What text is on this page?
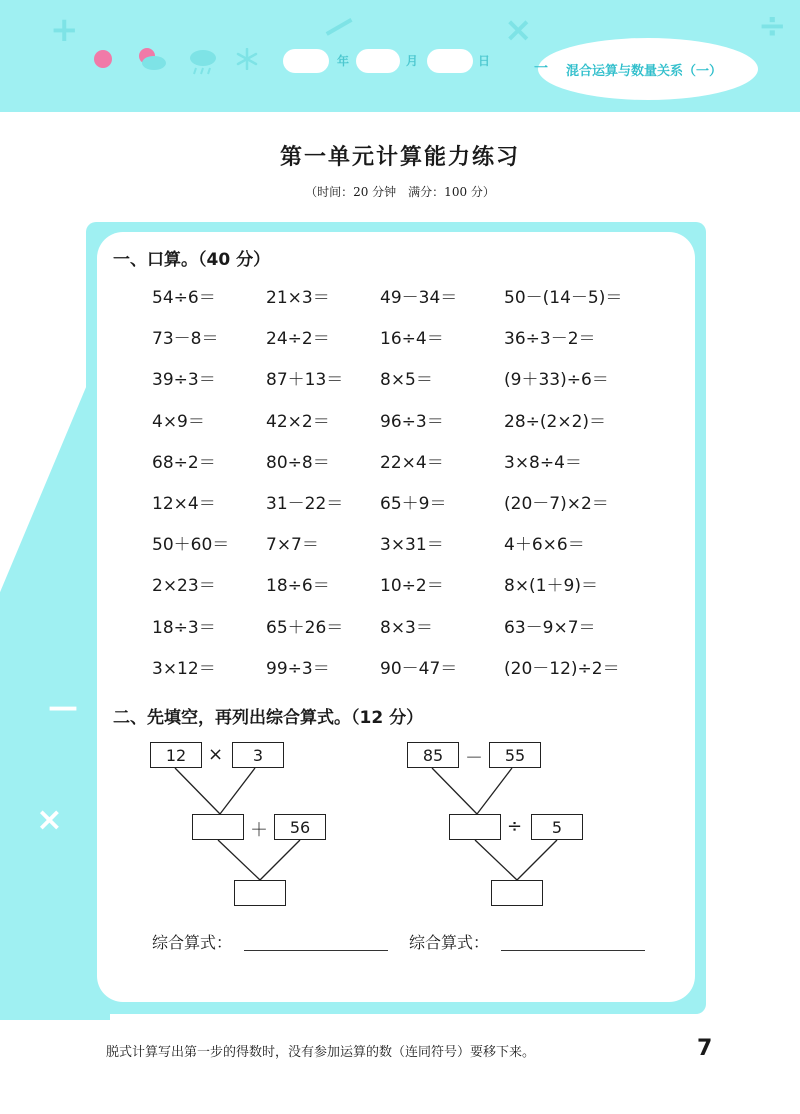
+	—	×	÷
年	月	日	一 混合运算与数量关系（一）
—
×
第一单元计算能力练习
（时间：20 分钟　满分：100 分）
一、口算。（40 分）
54÷6＝	21×3＝	49－34＝	50－(14－5)＝
73－8＝	24÷2＝	16÷4＝	36÷3－2＝
39÷3＝	87＋13＝ 8×5＝	(9＋33)÷6＝
4×9＝	42×2＝	96÷3＝	28÷(2×2)＝
68÷2＝	80÷8＝	22×4＝	3×8÷4＝
12×4＝	31－22＝ 65＋9＝	(20－7)×2＝
50＋60＝ 7×7＝	3×31＝	4＋6×6＝
2×23＝	18÷6＝	10÷2＝	8×(1＋9)＝
18÷3＝	65＋26＝ 8×3＝	63－9×7＝
3×12＝	99÷3＝	90－47＝	(20－12)÷2＝
二、先填空，再列出综合算式。（12 分）
12	×	3
＋	56
85	－	55
÷	5
综合算式：	综合算式：
脱式计算写出第一步的得数时，没有参加运算的数（连同符号）要移下来。	7
